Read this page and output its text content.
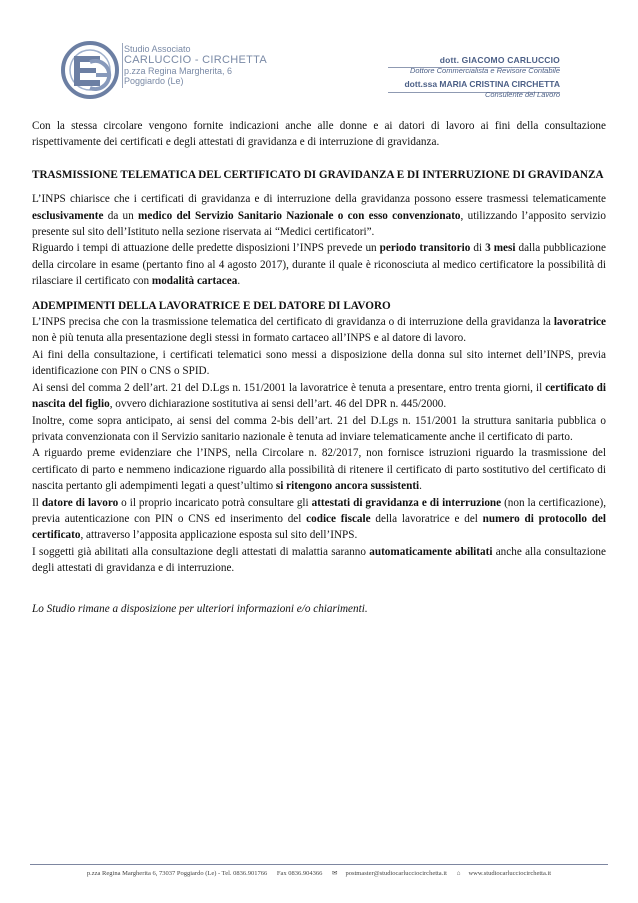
Studio Associato
CARLUCCIO - CIRCHETTA
p.zza Regina Margherita, 6
Poggiardo (Le)
dott. GIACOMO CARLUCCIO
Dottore Commercialista e Revisore Contabile
dott.ssa MARIA CRISTINA CIRCHETTA
Consulente del Lavoro

Con la stessa circolare vengono fornite indicazioni anche alle donne e ai datori di lavoro ai fini della consultazione rispettivamente dei certificati e degli attestati di gravidanza e di interruzione di gravidanza.

TRASMISSIONE TELEMATICA DEL CERTIFICATO DI GRAVIDANZA E DI INTERRUZIONE DI GRAVIDANZA

L’INPS chiarisce che i certificati di gravidanza e di interruzione della gravidanza possono essere trasmessi telematicamente esclusivamente da un medico del Servizio Sanitario Nazionale o con esso convenzionato, utilizzando l’apposito servizio presente sul sito dell’Istituto nella sezione riservata ai “Medici certificatori”.

Riguardo i tempi di attuazione delle predette disposizioni l’INPS prevede un periodo transitorio di 3 mesi dalla pubblicazione della circolare in esame (pertanto fino al 4 agosto 2017), durante il quale è riconosciuta al medico certificatore la possibilità di rilasciare il certificato con modalità cartacea.

ADEMPIMENTI DELLA LAVORATRICE E DEL DATORE DI LAVORO

L’INPS precisa che con la trasmissione telematica del certificato di gravidanza o di interruzione della gravidanza la lavoratrice non è più tenuta alla presentazione degli stessi in formato cartaceo all’INPS e al datore di lavoro.

Ai fini della consultazione, i certificati telematici sono messi a disposizione della donna sul sito internet dell’INPS, previa identificazione con PIN o CNS o SPID.

Ai sensi del comma 2 dell’art. 21 del D.Lgs n. 151/2001 la lavoratrice è tenuta a presentare, entro trenta giorni, il certificato di nascita del figlio, ovvero dichiarazione sostitutiva ai sensi dell’art. 46 del DPR n. 445/2000.

Inoltre, come sopra anticipato, ai sensi del comma 2-bis dell’art. 21 del D.Lgs n. 151/2001 la struttura sanitaria pubblica o privata convenzionata con il Servizio sanitario nazionale è tenuta ad inviare telematicamente anche il certificato di parto.

A riguardo preme evidenziare che l’INPS, nella Circolare n. 82/2017, non fornisce istruzioni riguardo la trasmissione del certificato di parto e nemmeno indicazione riguardo alla possibilità di ritenere il certificato di parto sostitutivo del certificato di nascita pertanto gli adempimenti legati a quest’ultimo si ritengono ancora sussistenti.

Il datore di lavoro o il proprio incaricato potrà consultare gli attestati di gravidanza e di interruzione (non la certificazione), previa autenticazione con PIN o CNS ed inserimento del codice fiscale della lavoratrice e del numero di protocollo del certificato, attraverso l’apposita applicazione esposta sul sito dell’INPS.

I soggetti già abilitati alla consultazione degli attestati di malattia saranno automaticamente abilitati anche alla consultazione degli attestati di gravidanza e di interruzione.

Lo Studio rimane a disposizione per ulteriori informazioni e/o chiarimenti.

p.zza Regina Margherita 6, 73037 Poggiardo (Le) - Tel. 0836.901766 Fax 0836.904366 ✉ postmaster@studiocarlucciocirchetta.it ⌂ www.studiocarlucciocirchetta.it
